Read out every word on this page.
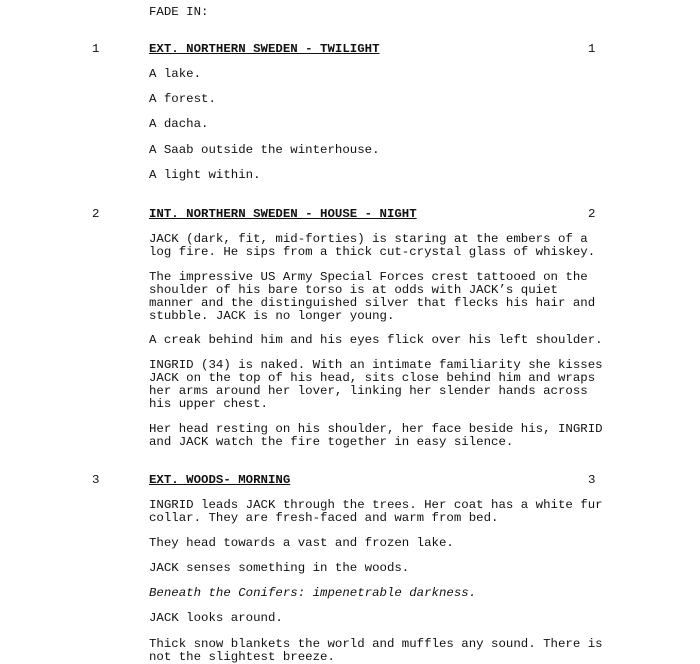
FADE IN:
1	EXT. NORTHERN SWEDEN - TWILIGHT	1
A lake.
A forest.
A dacha.
A Saab outside the winterhouse.
A light within.
2	INT. NORTHERN SWEDEN - HOUSE - NIGHT	2
JACK (dark, fit, mid-forties) is staring at the embers of a
log fire. He sips from a thick cut-crystal glass of whiskey.
The impressive US Army Special Forces crest tattooed on the
shoulder of his bare torso is at odds with JACK’s quiet
manner and the distinguished silver that flecks his hair and
stubble. JACK is no longer young.
A creak behind him and his eyes flick over his left shoulder.
INGRID (34) is naked. With an intimate familiarity she kisses
JACK on the top of his head, sits close behind him and wraps
her arms around her lover, linking her slender hands across
his upper chest.
Her head resting on his shoulder, her face beside his, INGRID
and JACK watch the fire together in easy silence.
3	EXT. WOODS- MORNING	3
INGRID leads JACK through the trees. Her coat has a white fur
collar. They are fresh-faced and warm from bed.
They head towards a vast and frozen lake.
JACK senses something in the woods.
Beneath the Conifers: impenetrable darkness.
JACK looks around.
Thick snow blankets the world and muffles any sound. There is
not the slightest breeze.
